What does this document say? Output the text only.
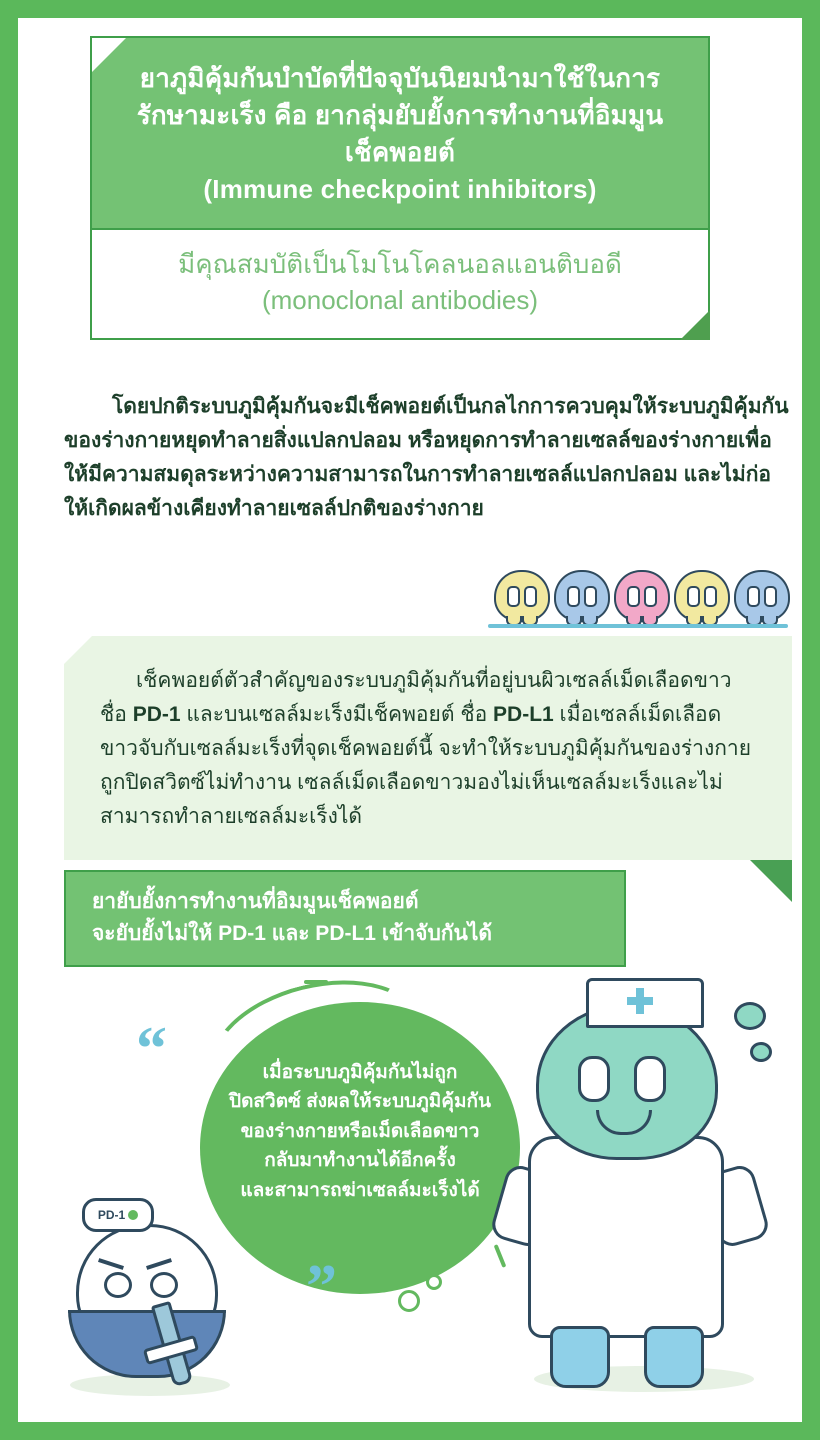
ยาภูมิคุ้มกันบำบัดที่ปัจจุบันนิยมนำมาใช้ในการรักษามะเร็ง คือ ยากลุ่มยับยั้งการทำงานที่อิมมูนเช็คพอยต์
(Immune checkpoint inhibitors)
มีคุณสมบัติเป็นโมโนโคลนอลแอนติบอดี
(monoclonal antibodies)
โดยปกติระบบภูมิคุ้มกันจะมีเช็คพอยต์เป็นกลไกการควบคุมให้ระบบภูมิคุ้มกันของร่างกายหยุดทำลายสิ่งแปลกปลอม หรือหยุดการทำลายเซลล์ของร่างกายเพื่อให้มีความสมดุลระหว่างความสามารถในการทำลายเซลล์แปลกปลอม และไม่ก่อให้เกิดผลข้างเคียงทำลายเซลล์ปกติของร่างกาย
เช็คพอยต์ตัวสำคัญของระบบภูมิคุ้มกันที่อยู่บนผิวเซลล์เม็ดเลือดขาวชื่อ PD-1 และบนเซลล์มะเร็งมีเช็คพอยต์ ชื่อ PD-L1 เมื่อเซลล์เม็ดเลือดขาวจับกับเซลล์มะเร็งที่จุดเช็คพอยต์นี้ จะทำให้ระบบภูมิคุ้มกันของร่างกายถูกปิดสวิตซ์ไม่ทำงาน เซลล์เม็ดเลือดขาวมองไม่เห็นเซลล์มะเร็งและไม่สามารถทำลายเซลล์มะเร็งได้
ยายับยั้งการทำงานที่อิมมูนเช็คพอยต์
จะยับยั้งไม่ให้ PD-1 และ PD-L1 เข้าจับกันได้
เมื่อระบบภูมิคุ้มกันไม่ถูก
ปิดสวิตซ์ ส่งผลให้ระบบภูมิคุ้มกัน
ของร่างกายหรือเม็ดเลือดขาว
กลับมาทำงานได้อีกครั้ง
และสามารถฆ่าเซลล์มะเร็งได้
“
”
PD-1
